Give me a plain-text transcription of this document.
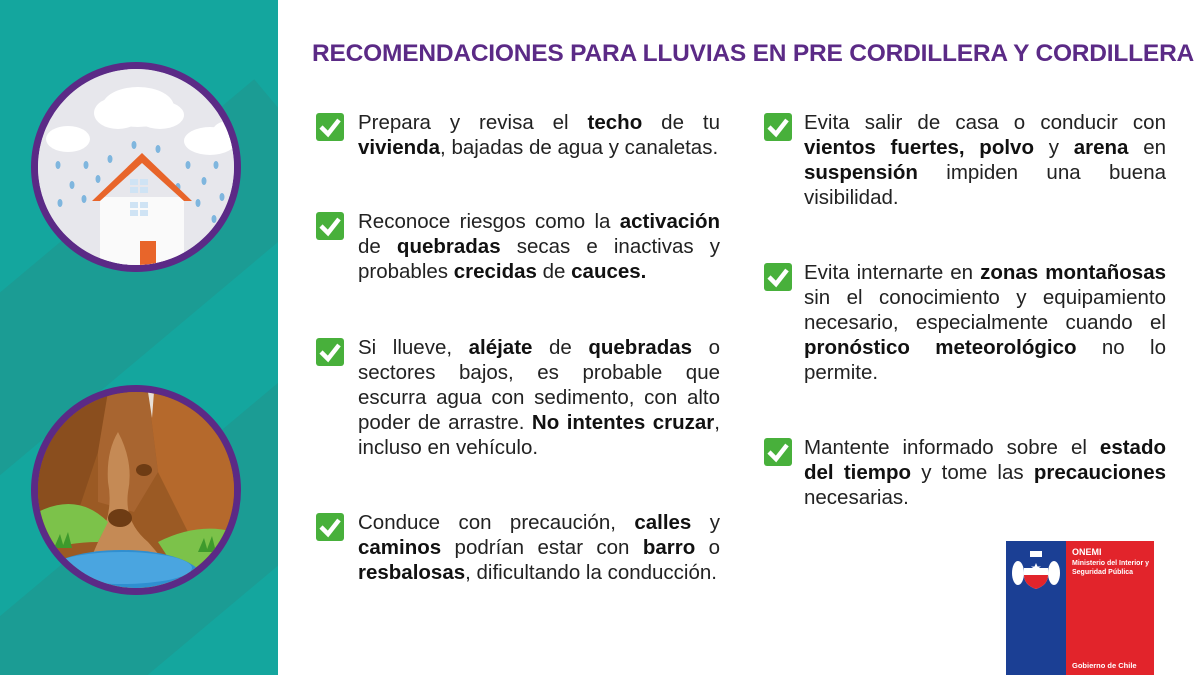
RECOMENDACIONES PARA LLUVIAS EN PRE CORDILLERA Y CORDILLERA
Prepara y revisa el techo de tu vivienda, bajadas de agua y canaletas.
Reconoce riesgos como la activación de quebradas secas e inactivas y probables crecidas de cauces.
Si llueve, aléjate de quebradas o sectores bajos, es probable que escurra agua con sedimento, con alto poder de arrastre. No intentes cruzar, incluso en vehículo.
Conduce con precaución, calles y caminos podrían estar con barro o resbalosas, dificultando la conducción.
Evita salir de casa o conducir con vientos fuertes, polvo y arena en suspensión impiden una buena visibilidad.
Evita internarte en zonas montañosas sin el conocimiento y equipamiento necesario, especialmente cuando el pronóstico meteorológico no lo permite.
Mantente informado sobre el estado del tiempo y tome las precauciones necesarias.
ONEMI
Ministerio del Interior y Seguridad Pública
Gobierno de Chile
